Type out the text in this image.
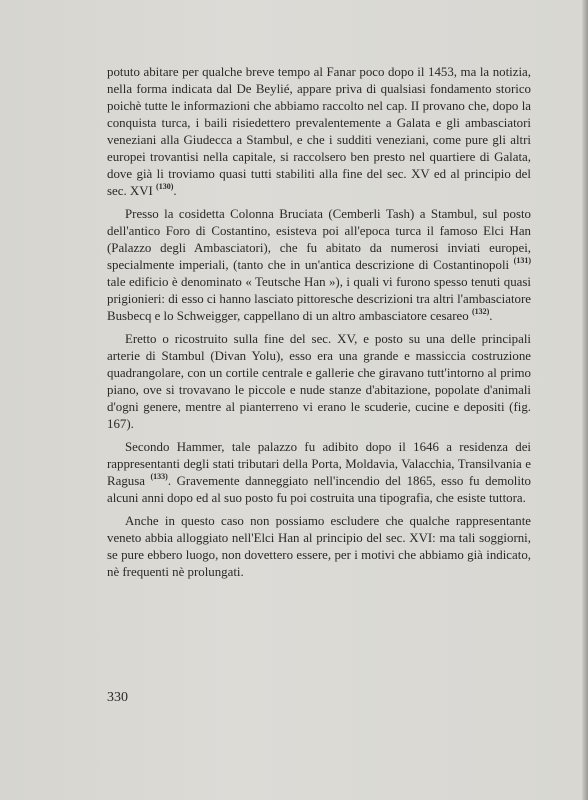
potuto abitare per qualche breve tempo al Fanar poco dopo il 1453, ma la notizia, nella forma indicata dal De Beylié, appare priva di qualsiasi fondamento storico poichè tutte le informazioni che abbiamo raccolto nel cap. II provano che, dopo la conquista turca, i baili risiedettero prevalentemente a Galata e gli ambasciatori veneziani alla Giudecca a Stambul, e che i sudditi veneziani, come pure gli altri europei trovantisi nella capitale, si raccolsero ben presto nel quartiere di Galata, dove già li troviamo quasi tutti stabiliti alla fine del sec. XV ed al principio del sec. XVI $^{(130)}$.

Presso la cosidetta Colonna Bruciata (Cemberli Tash) a Stambul, sul posto dell'antico Foro di Costantino, esisteva poi all'epoca turca il famoso Elci Han (Palazzo degli Ambasciatori), che fu abitato da numerosi inviati europei, specialmente imperiali, (tanto che in un'antica descrizione di Costantinopoli $^{(131)}$ tale edificio è denominato « Teutsche Han »), i quali vi furono spesso tenuti quasi prigionieri: di esso ci hanno lasciato pittoresche descrizioni tra altri l'ambasciatore Busbecq e lo Schweigger, cappellano di un altro ambasciatore cesareo $^{(132)}$.

Eretto o ricostruito sulla fine del sec. XV, e posto su una delle principali arterie di Stambul (Divan Yolu), esso era una grande e massiccia costruzione quadrangolare, con un cortile centrale e gallerie che giravano tutt'intorno al primo piano, ove si trovavano le piccole e nude stanze d'abitazione, popolate d'animali d'ogni genere, mentre al pianterreno vi erano le scuderie, cucine e depositi (fig. 167).

Secondo Hammer, tale palazzo fu adibito dopo il 1646 a residenza dei rappresentanti degli stati tributari della Porta, Moldavia, Valacchia, Transilvania e Ragusa $^{(133)}$. Gravemente danneggiato nell'incendio del 1865, esso fu demolito alcuni anni dopo ed al suo posto fu poi costruita una tipografia, che esiste tuttora.

Anche in questo caso non possiamo escludere che qualche rappresentante veneto abbia alloggiato nell'Elci Han al principio del sec. XVI: ma tali soggiorni, se pure ebbero luogo, non dovettero essere, per i motivi che abbiamo già indicato, nè frequenti nè prolungati.

330
